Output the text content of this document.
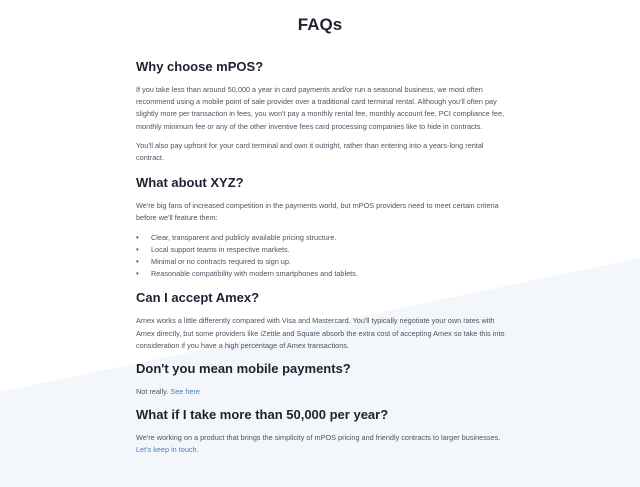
FAQs
Why choose mPOS?

If you take less than around 50,000 a year in card payments and/or run a seasonal business, we most often recommend using a mobile point of sale provider over a traditional card terminal rental. Although you'll often pay slightly more per transaction in fees, you won't pay a monthly rental fee, monthly account fee, PCI compliance fee, monthly minimum fee or any of the other inventive fees card processing companies like to hide in contracts.

You'll also pay upfront for your card terminal and own it outright, rather than entering into a years-long rental contract.

What about XYZ?

We're big fans of increased competition in the payments world, but mPOS providers need to meet certain criteria before we'll feature them:

• Clear, transparent and publicly available pricing structure.
• Local support teams in respective markets.
• Minimal or no contracts required to sign up.
• Reasonable compatibility with modern smartphones and tablets.
Can I accept Amex?

Amex works a little differently compared with Visa and Mastercard. You'll typically negotiate your own rates with Amex directly, but some providers like iZettle and Square absorb the extra cost of accepting Amex so take this into consideration if you have a high percentage of Amex transactions.

Don't you mean mobile payments?

Not really. See here

What if I take more than 50,000 per year?

We're working on a product that brings the simplicity of mPOS pricing and friendly contracts to larger businesses. Let's keep in touch.
